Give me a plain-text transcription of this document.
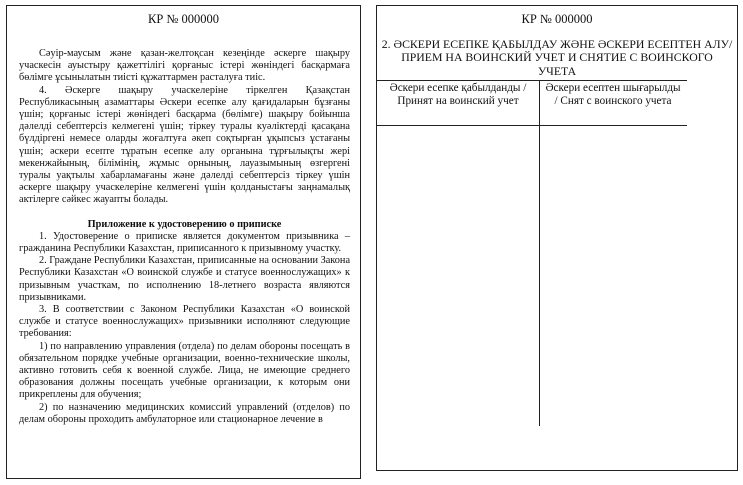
КР № 000000

Сәуір-маусым және қазан-желтоқсан кезеңінде әскерге шақыру учаскесін ауыстыру қажеттілігі қорғаныс істері жөніндегі басқармаға бөлімге ұсынылатын тиісті құжаттармен расталуға тиіс.

4. Әскерге шақыру учаскелеріне тіркелген Қазақстан Республикасының азаматтары Әскери есепке алу қағидаларын бұзғаны үшін; қорғаныс істері жөніндегі басқарма (бөлімге) шақыру бойынша дәлелді себептерсіз келмегені үшін; тіркеу туралы куәліктерді қасақана бүлдіргені немесе оларды жоғалтуға әкеп соқтырған ұқыпсыз ұстағаны үшін; әскери есепте тұратын есепке алу органына тұрғылықты жері мекенжайының, білімінің, жұмыс орнының, лауазымының өзгергені туралы уақтылы хабарламағаны және дәлелді себептерсіз тіркеу үшін әскерге шақыру учаскелеріне келмегені үшін қолданыстағы заңнамалық актілерге сәйкес жауапты болады.

Приложение к удостоверению о приписке

1. Удостоверение о приписке является документом призывника – гражданина Республики Казахстан, приписанного к призывному участку.

2. Граждане Республики Казахстан, приписанные на основании Закона Республики Казахстан «О воинской службе и статусе военнослужащих» к призывным участкам, по исполнению 18-летнего возраста являются призывниками.

3. В соответствии с Законом Республики Казахстан «О воинской службе и статусе военнослужащих» призывники исполняют следующие требования:

1) по направлению управления (отдела) по делам обороны посещать в обязательном порядке учебные организации, военно-технические школы, активно готовить себя к военной службе. Лица, не имеющие среднего образования должны посещать учебные организации, к которым они прикреплены для обучения;

2) по назначению медицинских комиссий управлений (отделов) по делам обороны проходить амбулаторное или стационарное лечение в

КР № 000000
2. ӘСКЕРИ ЕСЕПКЕ ҚАБЫЛДАУ ЖӘНЕ ӘСКЕРИ ЕСЕПТЕН АЛУ/ПРИЕМ НА ВОИНСКИЙ УЧЕТ И СНЯТИЕ С ВОИНСКОГО УЧЕТА
Әскери есепке қабылданды / Принят на воинский учет
Әскери есептен шығарылды / Снят с воинского учета
